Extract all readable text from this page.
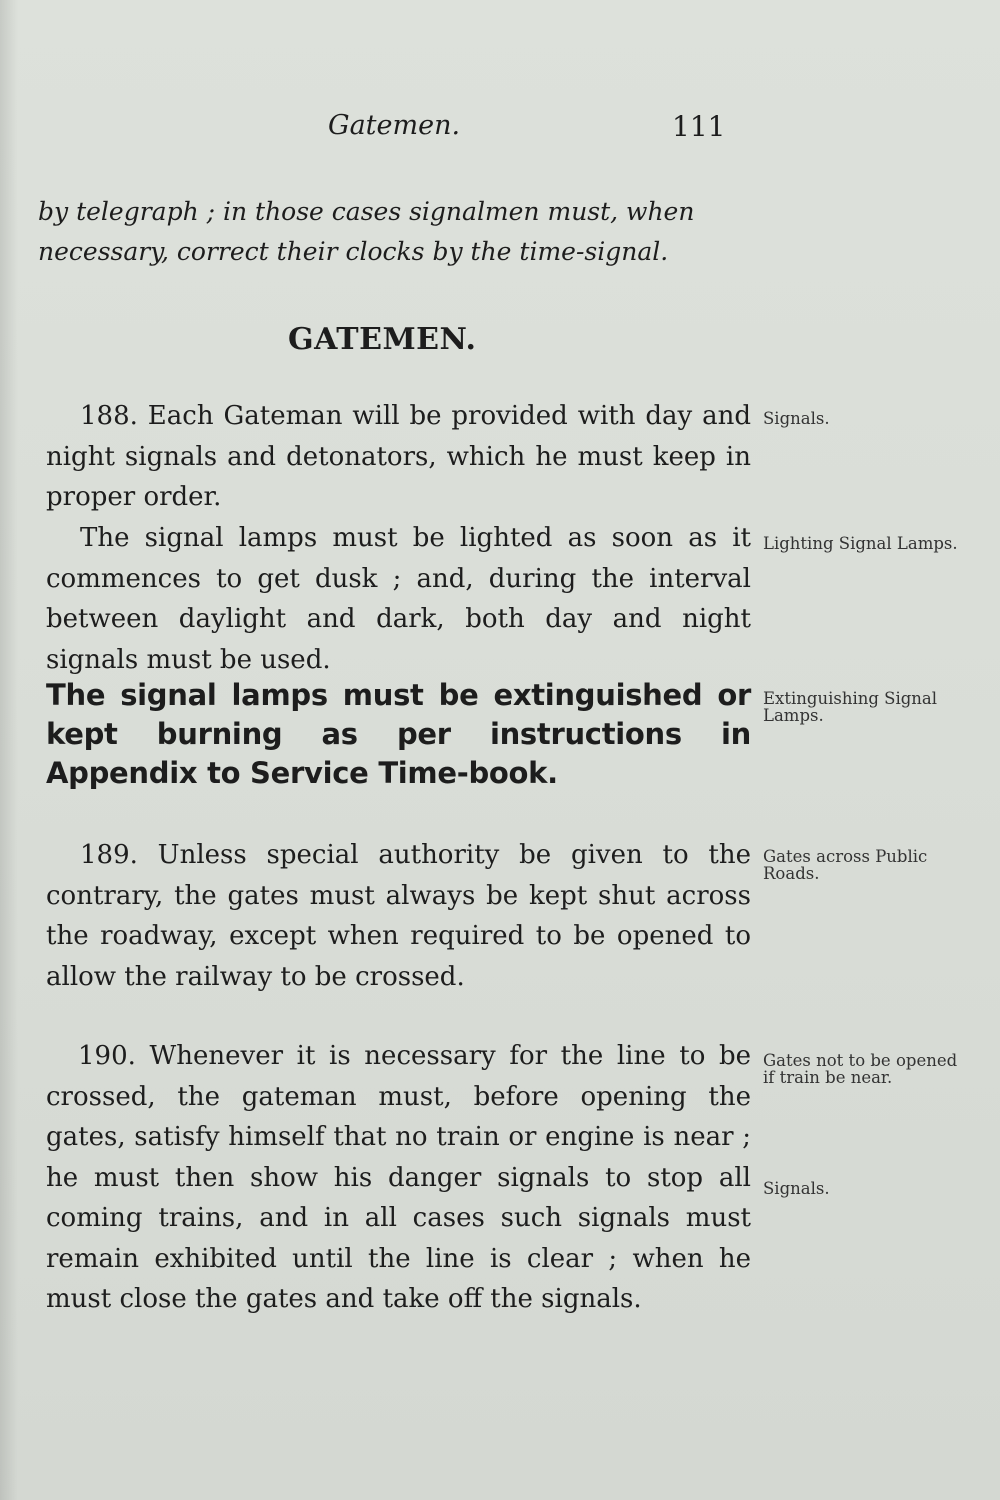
Gatemen.	111
by telegraph ; in those cases signalmen must, when necessary, correct their clocks by the time-signal.
GATEMEN.
188. Each Gateman will be provided with day and night signals and detonators, which he must keep in proper order.
The signal lamps must be lighted as soon as it commences to get dusk ; and, during the interval between daylight and dark, both day and night signals must be used.
The signal lamps must be extinguished or kept burning as per instructions in Appendix to Service Time-book.
189. Unless special authority be given to the contrary, the gates must always be kept shut across the roadway, except when required to be opened to allow the railway to be crossed.
190. Whenever it is necessary for the line to be crossed, the gateman must, before opening the gates, satisfy himself that no train or engine is near ; he must then show his danger signals to stop all coming trains, and in all cases such signals must remain exhibited until the line is clear ; when he must close the gates and take off the signals.
Signals.
Lighting Signal Lamps.
Extinguishing Signal Lamps.
Gates across Public Roads.
Gates not to be opened if train be near.
Signals.
